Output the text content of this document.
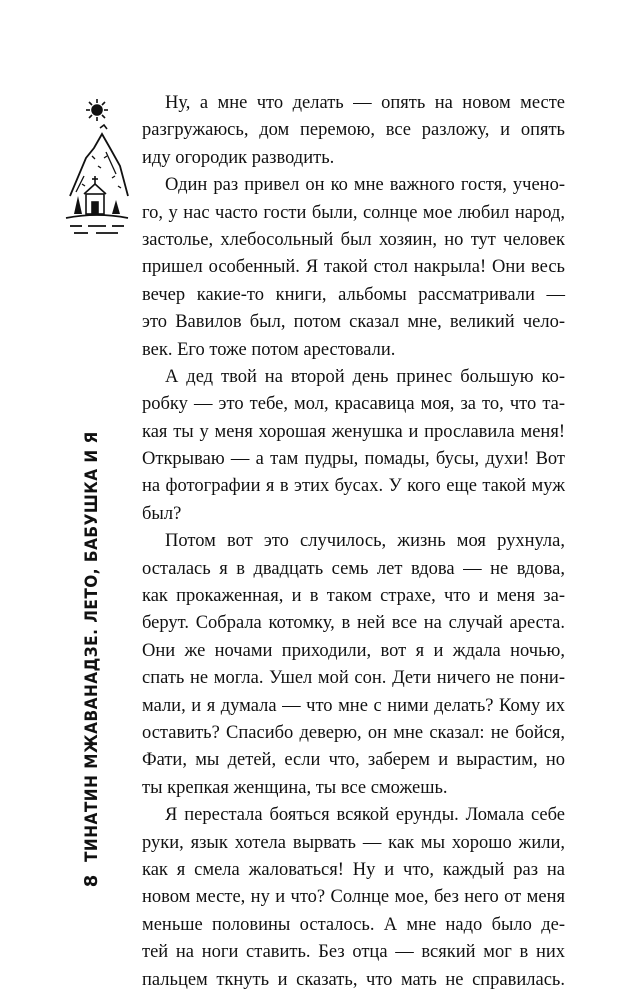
ТИНАТИН МЖАВАНАДЗЕ. ЛЕТО, БАБУШКА И Я
8
Ну, а мне что делать — опять на новом месте
разгружаюсь, дом перемою, все разложу, и опять
иду огородик разводить.
Один раз привел он ко мне важного гостя, учено-
го, у нас часто гости были, солнце мое любил народ,
застолье, хлебосольный был хозяин, но тут человек
пришел особенный. Я такой стол накрыла! Они весь
вечер какие-то книги, альбомы рассматривали —
это Вавилов был, потом сказал мне, великий чело-
век. Его тоже потом арестовали.
А дед твой на второй день принес большую ко-
робку — это тебе, мол, красавица моя, за то, что та-
кая ты у меня хорошая женушка и прославила меня!
Открываю — а там пудры, помады, бусы, духи! Вот
на фотографии я в этих бусах. У кого еще такой муж
был?
Потом вот это случилось, жизнь моя рухнула,
осталась я в двадцать семь лет вдова — не вдова,
как прокаженная, и в таком страхе, что и меня за-
берут. Собрала котомку, в ней все на случай ареста.
Они же ночами приходили, вот я и ждала ночью,
спать не могла. Ушел мой сон. Дети ничего не пони-
мали, и я думала — что мне с ними делать? Кому их
оставить? Спасибо деверю, он мне сказал: не бойся,
Фати, мы детей, если что, заберем и вырастим, но
ты крепкая женщина, ты все сможешь.
Я перестала бояться всякой ерунды. Ломала себе
руки, язык хотела вырвать — как мы хорошо жили,
как я смела жаловаться! Ну и что, каждый раз на
новом месте, ну и что? Солнце мое, без него от меня
меньше половины осталось. А мне надо было де-
тей на ноги ставить. Без отца — всякий мог в них
пальцем ткнуть и сказать, что мать не справилась.
